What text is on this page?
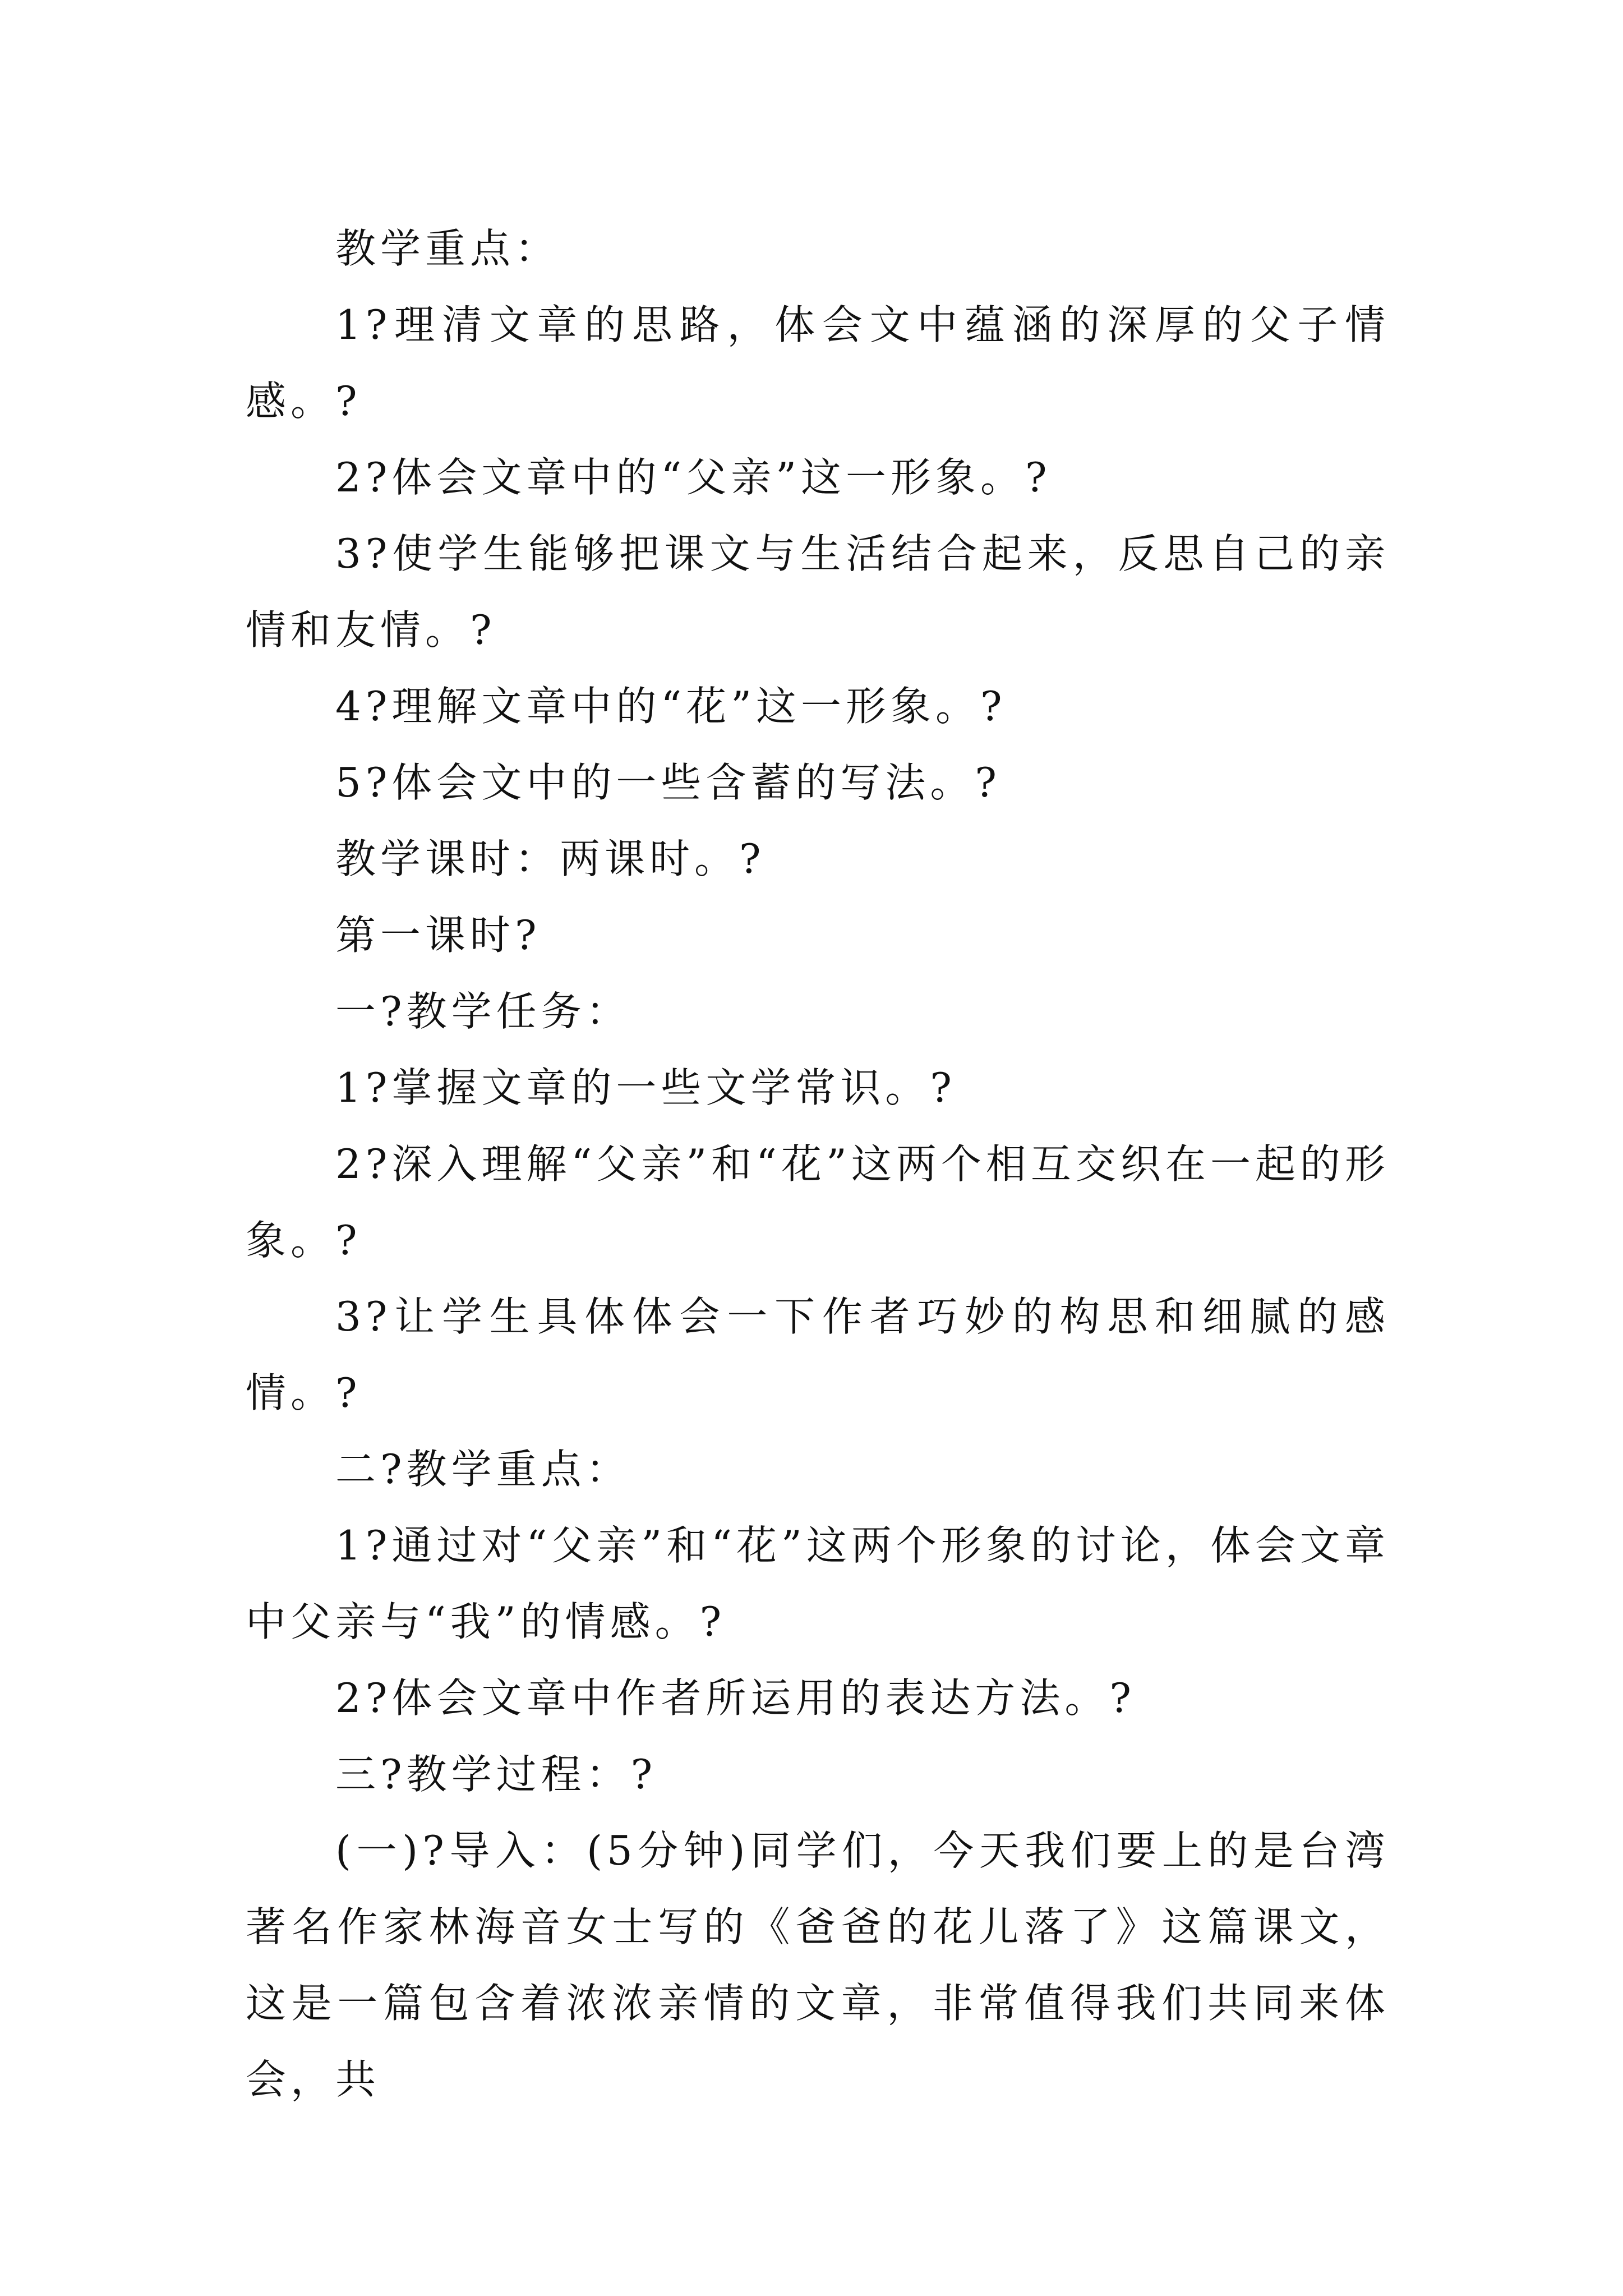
教学重点：

1?理清文章的思路，体会文中蕴涵的深厚的父子情感。?

2?体会文章中的“父亲”这一形象。?

3?使学生能够把课文与生活结合起来，反思自己的亲情和友情。?

4?理解文章中的“花”这一形象。?

5?体会文中的一些含蓄的写法。?

教学课时：两课时。?

第一课时?

一?教学任务：

1?掌握文章的一些文学常识。?

2?深入理解“父亲”和“花”这两个相互交织在一起的形象。?

3?让学生具体体会一下作者巧妙的构思和细腻的感情。?

二?教学重点：

1?通过对“父亲”和“花”这两个形象的讨论，体会文章中父亲与“我”的情感。?

2?体会文章中作者所运用的表达方法。?

三?教学过程：?

(一)?导入：(5分钟)同学们，今天我们要上的是台湾著名作家林海音女士写的《爸爸的花儿落了》这篇课文，这是一篇包含着浓浓亲情的文章，非常值得我们共同来体会，共
